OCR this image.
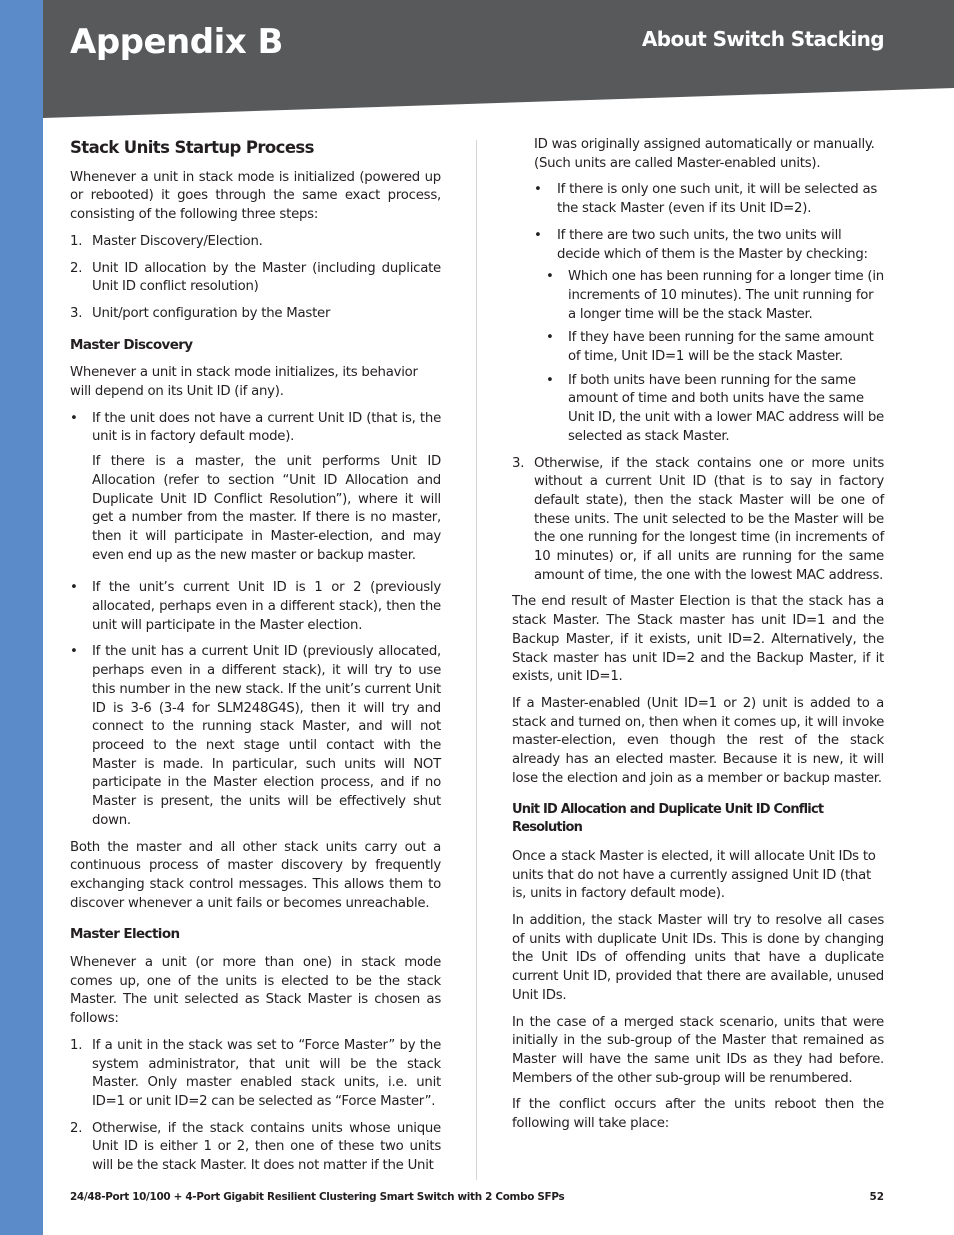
Appendix B	About Switch Stacking
Stack Units Startup Process

Whenever a unit in stack mode is initialized (powered up or rebooted) it goes through the same exact process, consisting of the following three steps:

1. Master Discovery/Election.
2. Unit ID allocation by the Master (including duplicate Unit ID conflict resolution)
3. Unit/port configuration by the Master
Master Discovery

Whenever a unit in stack mode initializes, its behavior will depend on its Unit ID (if any).

• If the unit does not have a current Unit ID (that is, the unit is in factory default mode).
If there is a master, the unit performs Unit ID Allocation (refer to section “Unit ID Allocation and Duplicate Unit ID Conflict Resolution”), where it will get a number from the master. If there is no master, then it will participate in Master-election, and may even end up as the new master or backup master.
• If the unit’s current Unit ID is 1 or 2 (previously allocated, perhaps even in a different stack), then the unit will participate in the Master election.
• If the unit has a current Unit ID (previously allocated, perhaps even in a different stack), it will try to use this number in the new stack. If the unit’s current Unit ID is 3-6 (3-4 for SLM248G4S), then it will try and connect to the running stack Master, and will not proceed to the next stage until contact with the Master is made. In particular, such units will NOT participate in the Master election process, and if no Master is present, the units will be effectively shut down.

Both the master and all other stack units carry out a continuous process of master discovery by frequently exchanging stack control messages. This allows them to discover whenever a unit fails or becomes unreachable.

Master Election

Whenever a unit (or more than one) in stack mode comes up, one of the units is elected to be the stack Master. The unit selected as Stack Master is chosen as follows:

1. If a unit in the stack was set to “Force Master” by the system administrator, that unit will be the stack Master. Only master enabled stack units, i.e. unit ID=1 or unit ID=2 can be selected as “Force Master”.
2. Otherwise, if the stack contains units whose unique Unit ID is either 1 or 2, then one of these two units will be the stack Master. It does not matter if the Unit
ID was originally assigned automatically or manually. (Such units are called Master-enabled units).
• If there is only one such unit, it will be selected as the stack Master (even if its Unit ID=2).
• If there are two such units, the two units will decide which of them is the Master by checking:
• Which one has been running for a longer time (in increments of 10 minutes). The unit running for a longer time will be the stack Master.
• If they have been running for the same amount of time, Unit ID=1 will be the stack Master.
• If both units have been running for the same amount of time and both units have the same Unit ID, the unit with a lower MAC address will be selected as stack Master.
3. Otherwise, if the stack contains one or more units without a current Unit ID (that is to say in factory default state), then the stack Master will be one of these units. The unit selected to be the Master will be the one running for the longest time (in increments of 10 minutes) or, if all units are running for the same amount of time, the one with the lowest MAC address.

The end result of Master Election is that the stack has a stack Master. The Stack master has unit ID=1 and the Backup Master, if it exists, unit ID=2. Alternatively, the Stack master has unit ID=2 and the Backup Master, if it exists, unit ID=1.

If a Master-enabled (Unit ID=1 or 2) unit is added to a stack and turned on, then when it comes up, it will invoke master-election, even though the rest of the stack already has an elected master. Because it is new, it will lose the election and join as a member or backup master.

Unit ID Allocation and Duplicate Unit ID Conflict Resolution

Once a stack Master is elected, it will allocate Unit IDs to units that do not have a currently assigned Unit ID (that is, units in factory default mode).

In addition, the stack Master will try to resolve all cases of units with duplicate Unit IDs. This is done by changing the Unit IDs of offending units that have a duplicate current Unit ID, provided that there are available, unused Unit IDs.

In the case of a merged stack scenario, units that were initially in the sub-group of the Master that remained as Master will have the same unit IDs as they had before. Members of the other sub-group will be renumbered.

If the conflict occurs after the units reboot then the following will take place:

24/48-Port 10/100 + 4-Port Gigabit Resilient Clustering Smart Switch with 2 Combo SFPs	52
